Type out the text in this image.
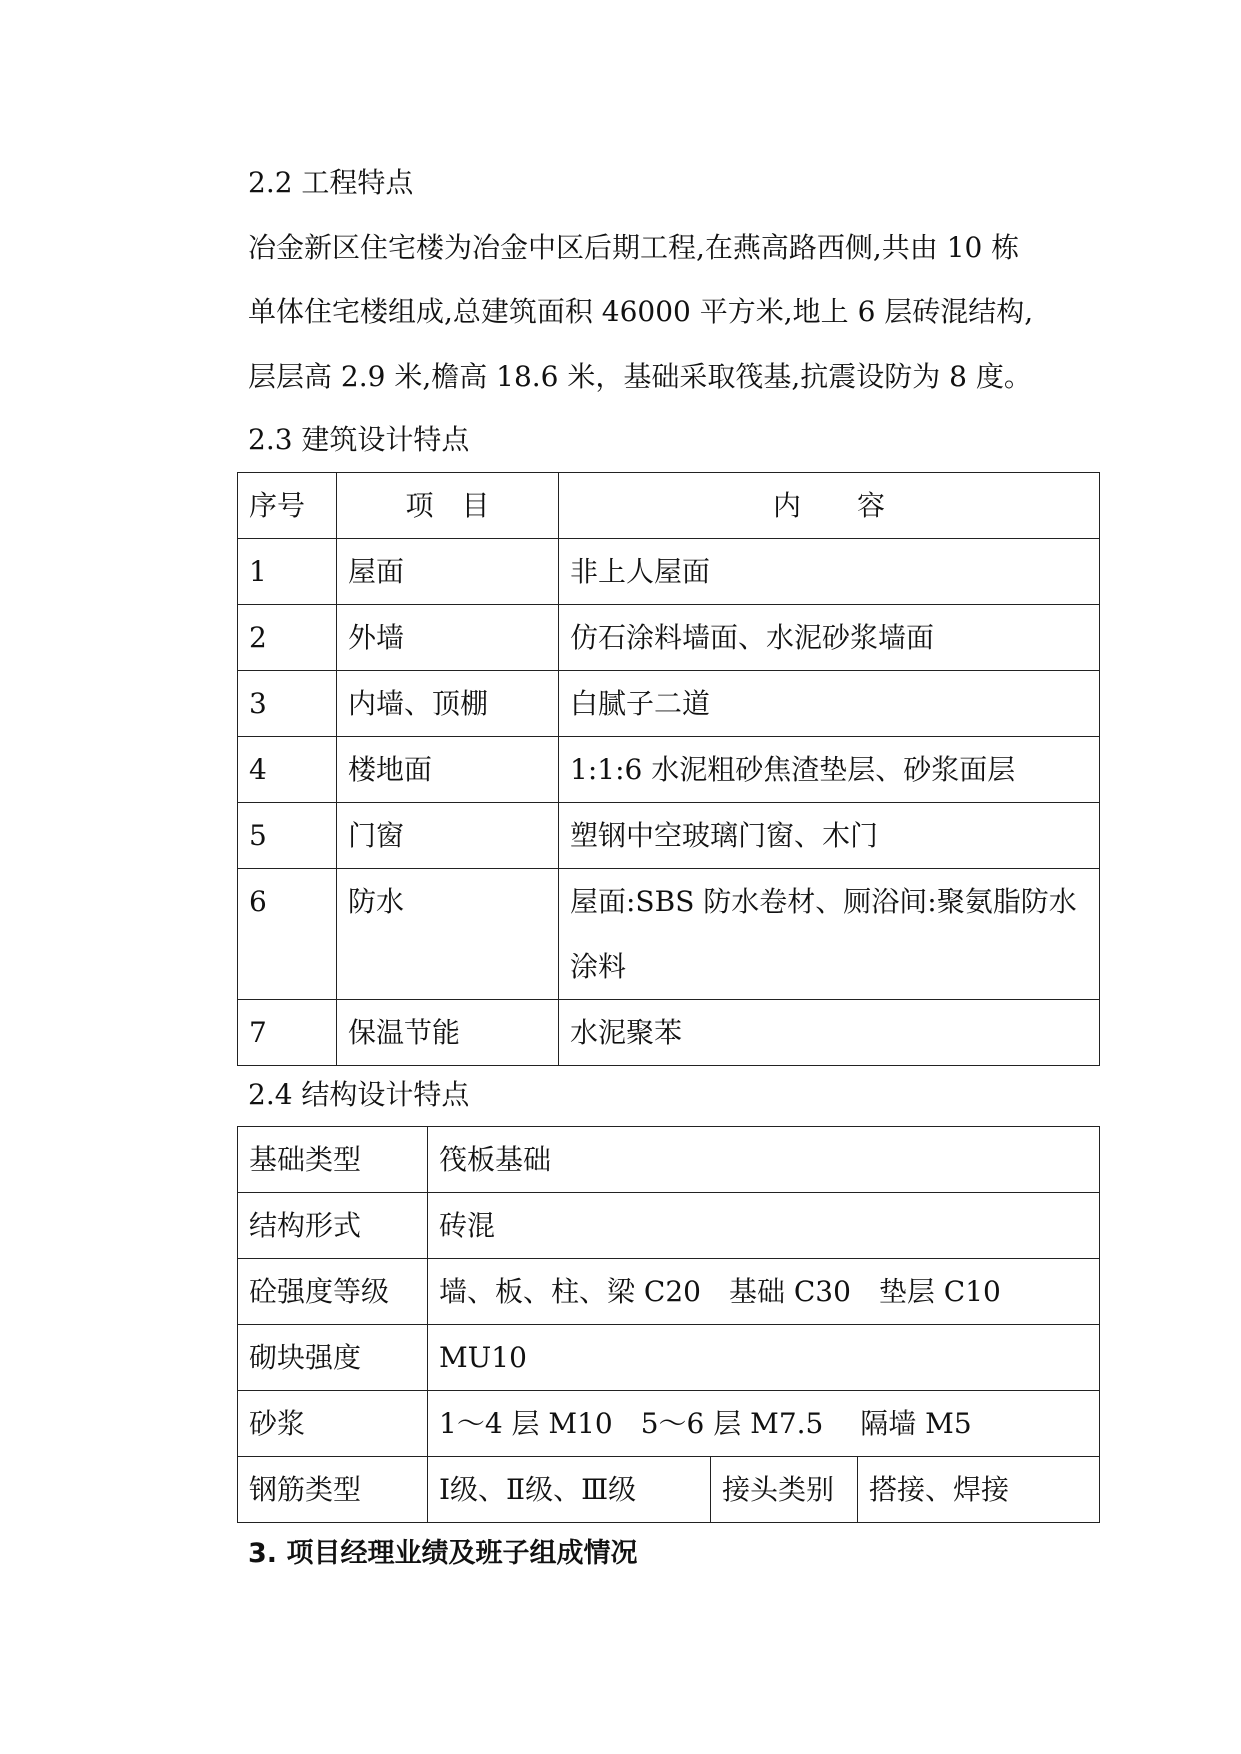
2.2 工程特点

冶金新区住宅楼为冶金中区后期工程,在燕高路西侧,共由 10 栋

单体住宅楼组成,总建筑面积 46000 平方米,地上 6 层砖混结构,

层层高 2.9 米,檐高 18.6 米，基础采取筏基,抗震设防为 8 度。

2.3 建筑设计特点

序号	项　目	内　　容
1	屋面	非上人屋面
2	外墙	仿石涂料墙面、水泥砂浆墙面
3	内墙、顶棚	白腻子二道
4	楼地面	1:1:6 水泥粗砂焦渣垫层、砂浆面层
5	门窗	塑钢中空玻璃门窗、木门
6	防水	屋面:SBS 防水卷材、厕浴间:聚氨脂防水涂料
7	保温节能	水泥聚苯

2.4 结构设计特点

基础类型	筏板基础		
结构形式	砖混		
砼强度等级	墙、板、柱、梁 C20　基础 C30　垫层 C10		
砌块强度	MU10		
砂浆	1～4 层 M10　5～6 层 M7.5　 隔墙 M5		
钢筋类型	Ⅰ级、Ⅱ级、Ⅲ级	接头类别	搭接、焊接

3. 项目经理业绩及班子组成情况
